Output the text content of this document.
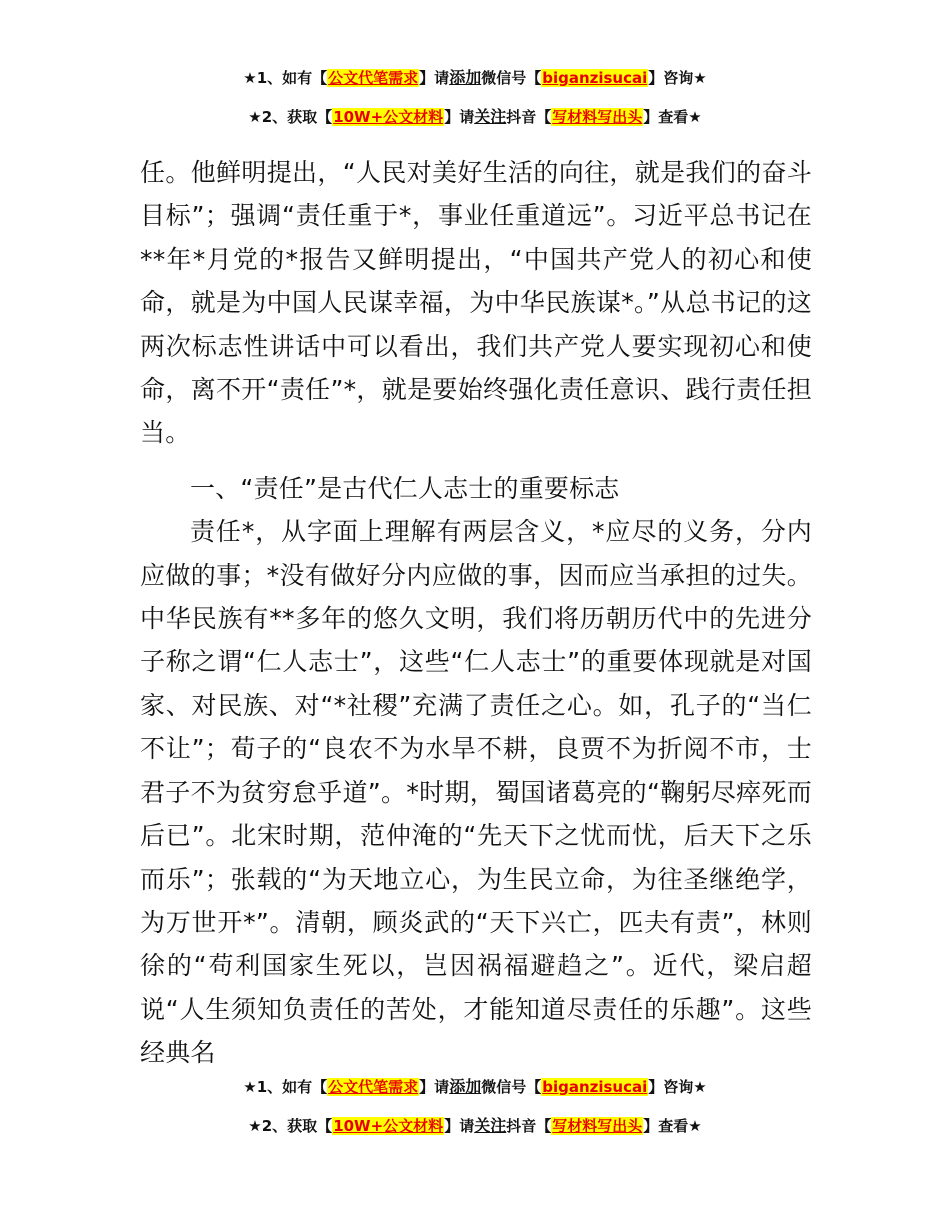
★1、如有【公文代笔需求】请添加微信号【biganzisucai】咨询★
★2、获取【10W+公文材料】请关注抖音【写材料写出头】查看★

任。他鲜明提出，“人民对美好生活的向往，就是我们的奋斗目标”；强调“责任重于*，事业任重道远”。习近平总书记在**年*月党的*报告又鲜明提出，“中国共产党人的初心和使命，就是为中国人民谋幸福，为中华民族谋*。”从总书记的这两次标志性讲话中可以看出，我们共产党人要实现初心和使命，离不开“责任”*，就是要始终强化责任意识、践行责任担当。

一、“责任”是古代仁人志士的重要标志

责任*，从字面上理解有两层含义，*应尽的义务，分内应做的事；*没有做好分内应做的事，因而应当承担的过失。中华民族有**多年的悠久文明，我们将历朝历代中的先进分子称之谓“仁人志士”，这些“仁人志士”的重要体现就是对国家、对民族、对“*社稷”充满了责任之心。如，孔子的“当仁不让”；荀子的“良农不为水旱不耕，良贾不为折阅不市，士君子不为贫穷怠乎道”。*时期，蜀国诸葛亮的“鞠躬尽瘁死而后已”。北宋时期，范仲淹的“先天下之忧而忧，后天下之乐而乐”；张载的“为天地立心，为生民立命，为往圣继绝学，为万世开*”。清朝，顾炎武的“天下兴亡，匹夫有责”，林则徐的“苟利国家生死以，岂因祸福避趋之”。近代，梁启超说“人生须知负责任的苦处，才能知道尽责任的乐趣”。这些经典名

★1、如有【公文代笔需求】请添加微信号【biganzisucai】咨询★
★2、获取【10W+公文材料】请关注抖音【写材料写出头】查看★
